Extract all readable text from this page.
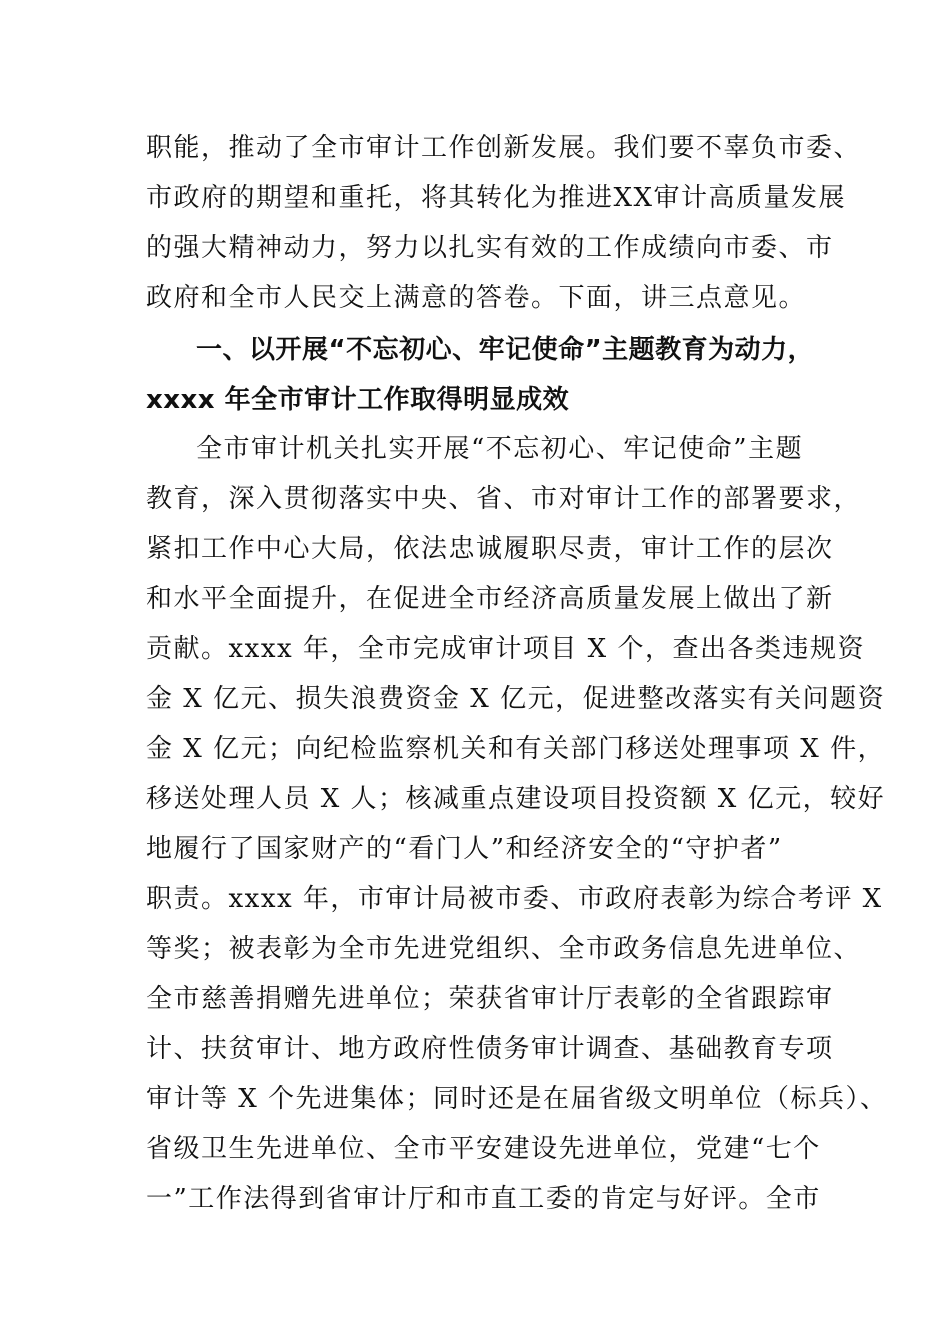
职能，推动了全市审计工作创新发展。我们要不辜负市委、
市政府的期望和重托，将其转化为推进XX审计高质量发展
的强大精神动力，努力以扎实有效的工作成绩向市委、市
政府和全市人民交上满意的答卷。下面，讲三点意见。
一、以开展“不忘初心、牢记使命”主题教育为动力，
xxxx 年全市审计工作取得明显成效
全市审计机关扎实开展“不忘初心、牢记使命”主题
教育，深入贯彻落实中央、省、市对审计工作的部署要求，
紧扣工作中心大局，依法忠诚履职尽责，审计工作的层次
和水平全面提升，在促进全市经济高质量发展上做出了新
贡献。xxxx 年，全市完成审计项目 X 个，查出各类违规资
金 X 亿元、损失浪费资金 X 亿元，促进整改落实有关问题资
金 X 亿元；向纪检监察机关和有关部门移送处理事项 X 件，
移送处理人员 X 人；核减重点建设项目投资额 X 亿元，较好
地履行了国家财产的“看门人”和经济安全的“守护者”
职责。xxxx 年，市审计局被市委、市政府表彰为综合考评 X
等奖；被表彰为全市先进党组织、全市政务信息先进单位、
全市慈善捐赠先进单位；荣获省审计厅表彰的全省跟踪审
计、扶贫审计、地方政府性债务审计调查、基础教育专项
审计等 X 个先进集体；同时还是在届省级文明单位（标兵）、
省级卫生先进单位、全市平安建设先进单位，党建“七个
一”工作法得到省审计厅和市直工委的肯定与好评。全市
